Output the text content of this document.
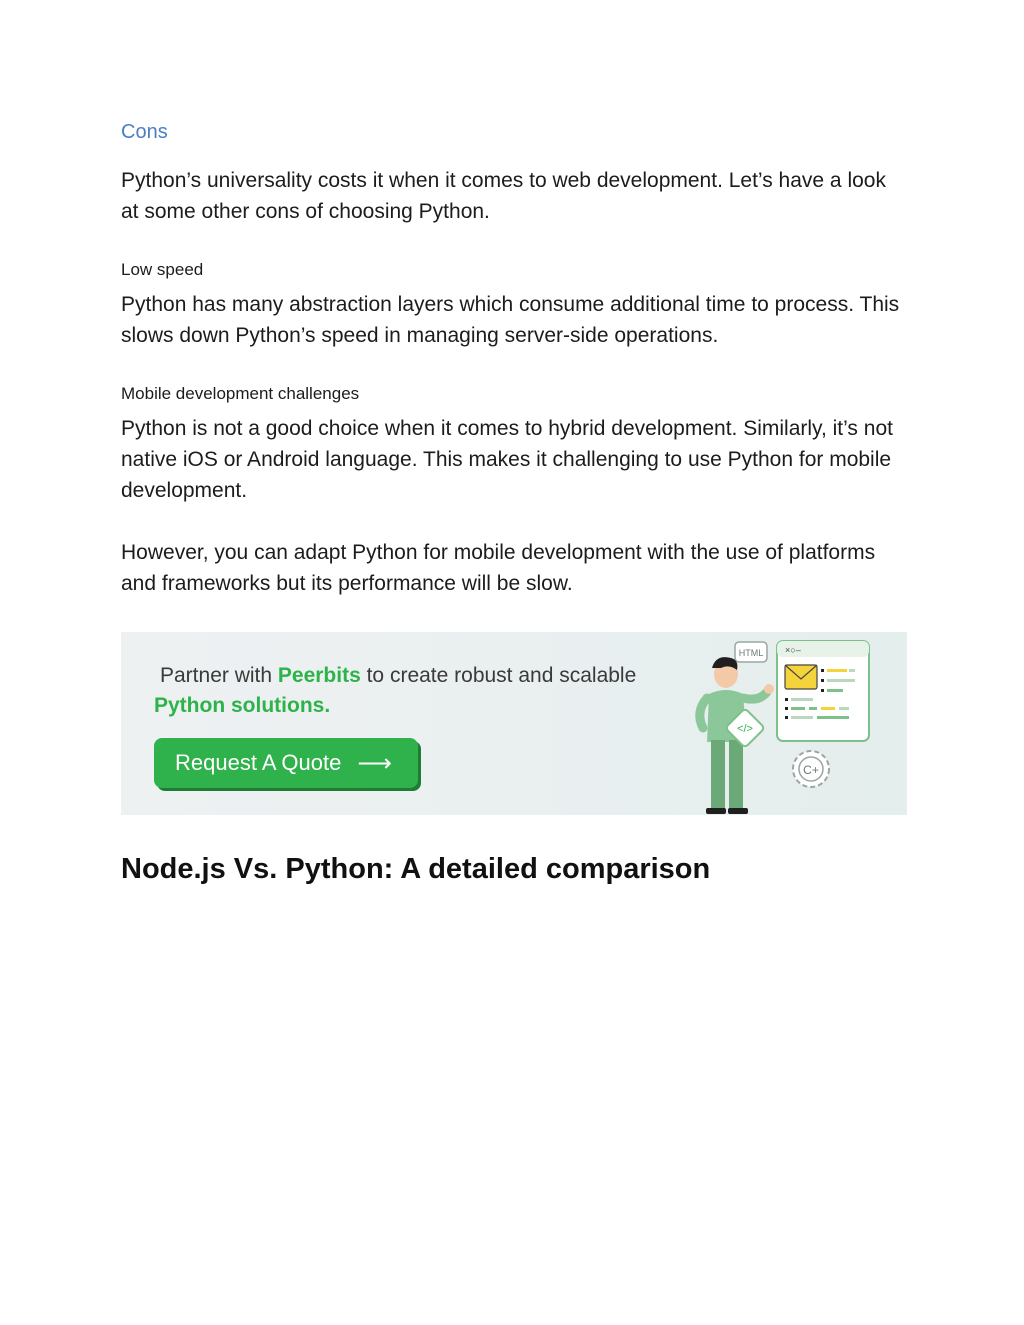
Cons

Python’s universality costs it when it comes to web development. Let’s have a look at some other cons of choosing Python.

Low speed

Python has many abstraction layers which consume additional time to process. This slows down Python’s speed in managing server-side operations.

Mobile development challenges

Python is not a good choice when it comes to hybrid development. Similarly, it’s not native iOS or Android language. This makes it challenging to use Python for mobile development.

However, you can adapt Python for mobile development with the use of platforms and frameworks but its performance will be slow.

Partner with Peerbits to create robust and scalable
Python solutions.
Request A Quote ⟶
HTML ×○–
C+
</>
Node.js Vs. Python: A detailed comparison
